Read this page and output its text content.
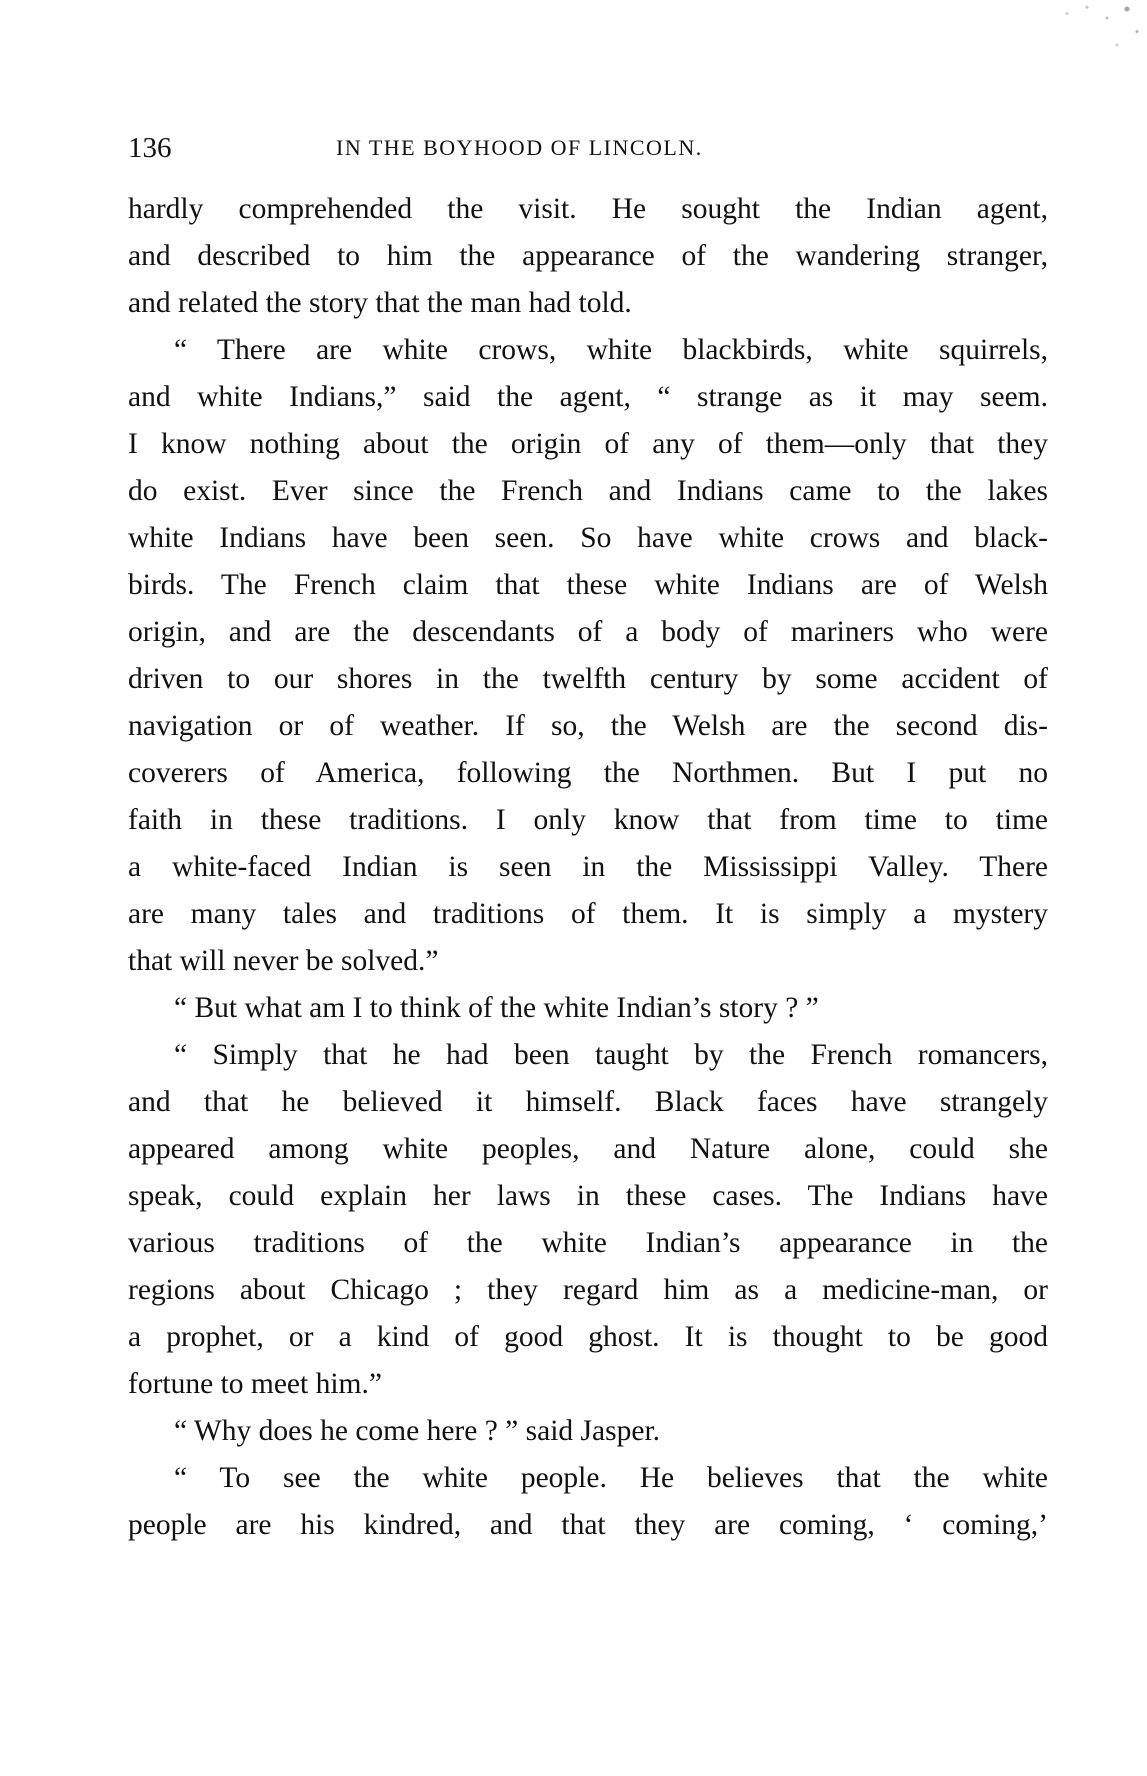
136	IN THE BOYHOOD OF LINCOLN.
hardly comprehended the visit. He sought the Indian agent,
and described to him the appearance of the wandering stranger,
and related the story that the man had told.
“ There are white crows, white blackbirds, white squirrels,
and white Indians,” said the agent, “ strange as it may seem.
I know nothing about the origin of any of them—only that they
do exist. Ever since the French and Indians came to the lakes
white Indians have been seen. So have white crows and black-
birds. The French claim that these white Indians are of Welsh
origin, and are the descendants of a body of mariners who were
driven to our shores in the twelfth century by some accident of
navigation or of weather. If so, the Welsh are the second dis-
coverers of America, following the Northmen. But I put no
faith in these traditions. I only know that from time to time
a white-faced Indian is seen in the Mississippi Valley. There
are many tales and traditions of them. It is simply a mystery
that will never be solved.”
“ But what am I to think of the white Indian’s story ? ”
“ Simply that he had been taught by the French romancers,
and that he believed it himself. Black faces have strangely
appeared among white peoples, and Nature alone, could she
speak, could explain her laws in these cases. The Indians have
various traditions of the white Indian’s appearance in the
regions about Chicago ; they regard him as a medicine-man, or
a prophet, or a kind of good ghost. It is thought to be good
fortune to meet him.”
“ Why does he come here ? ” said Jasper.
“ To see the white people. He believes that the white
people are his kindred, and that they are coming, ‘ coming,’
